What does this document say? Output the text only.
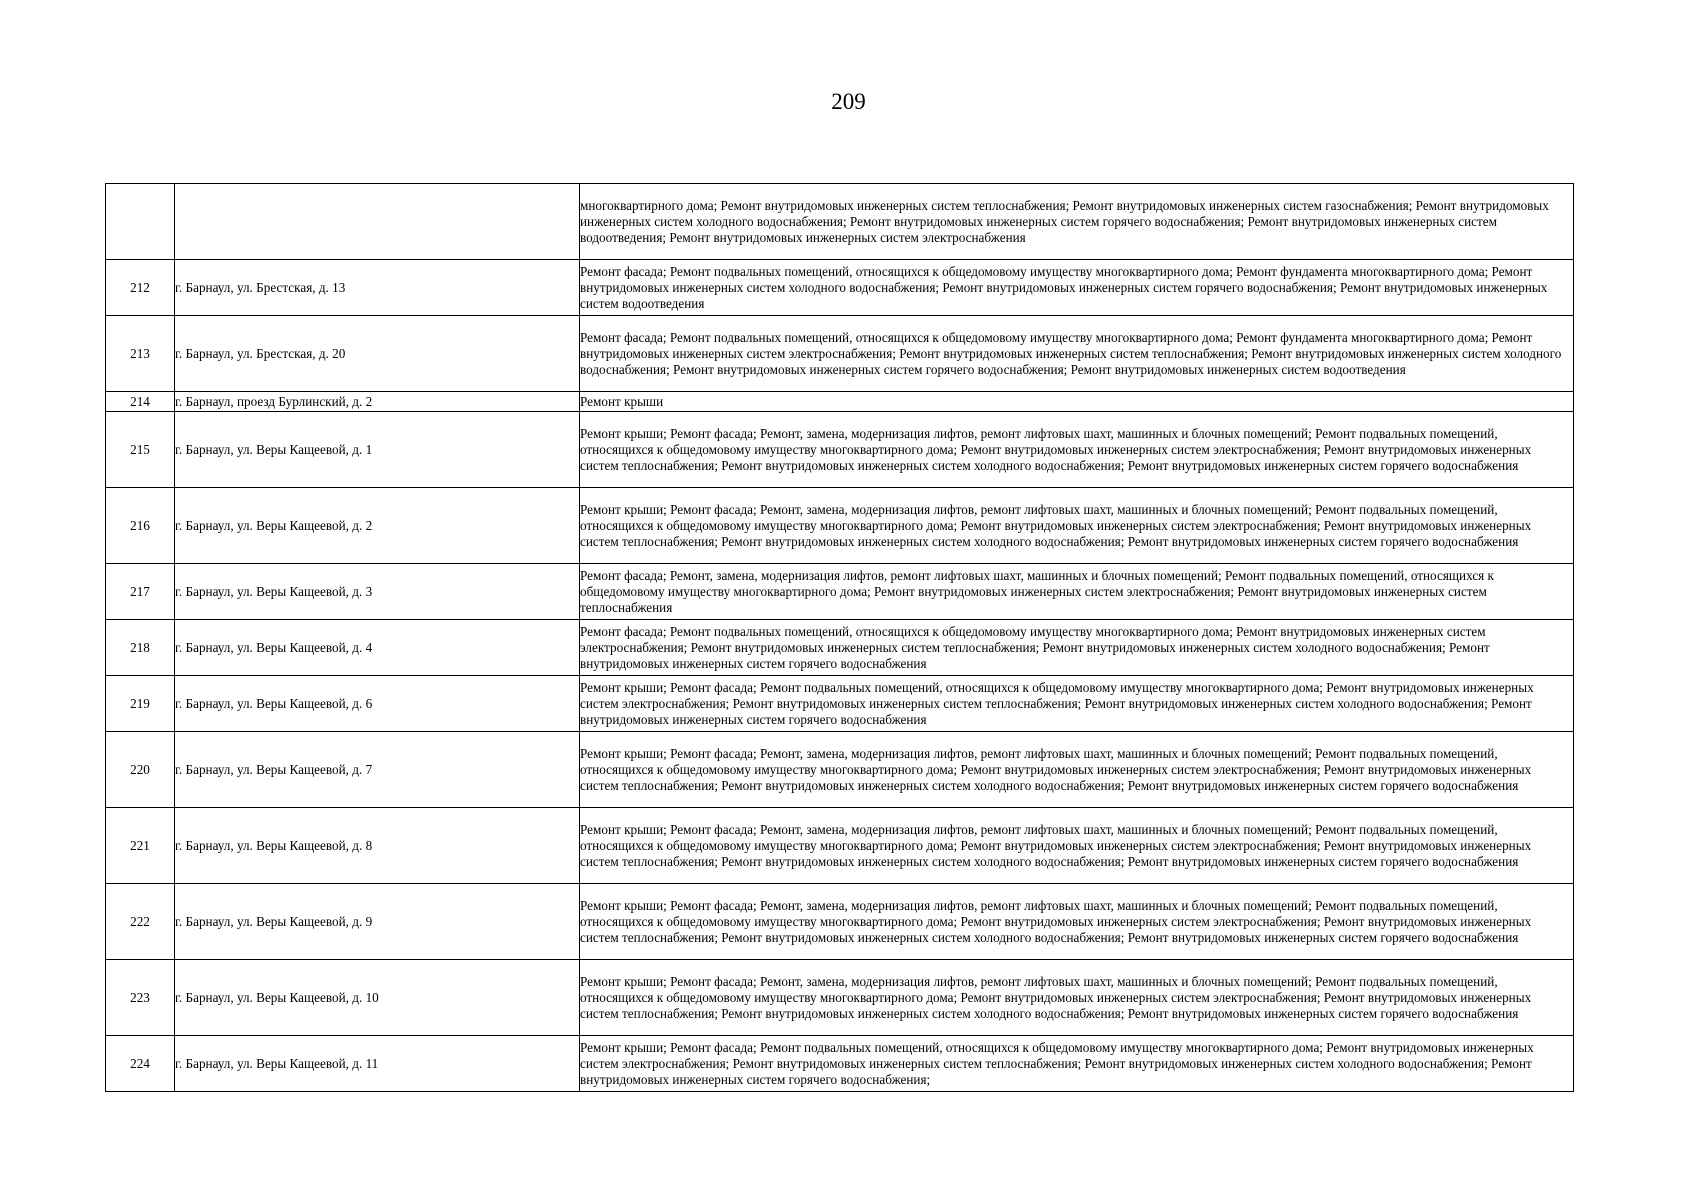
209
		многоквартирного дома; Ремонт внутридомовых инженерных систем теплоснабжения; Ремонт внутридомовых инженерных систем газоснабжения; Ремонт внутридомовых инженерных систем холодного водоснабжения; Ремонт внутридомовых инженерных систем горячего водоснабжения; Ремонт внутридомовых инженерных систем водоотведения; Ремонт внутридомовых инженерных систем электроснабжения
212	г. Барнаул, ул. Брестская, д. 13	Ремонт фасада; Ремонт подвальных помещений, относящихся к общедомовому имуществу многоквартирного дома; Ремонт фундамента многоквартирного дома; Ремонт внутридомовых инженерных систем холодного водоснабжения; Ремонт внутридомовых инженерных систем горячего водоснабжения; Ремонт внутридомовых инженерных систем водоотведения
213	г. Барнаул, ул. Брестская, д. 20	Ремонт фасада; Ремонт подвальных помещений, относящихся к общедомовому имуществу многоквартирного дома; Ремонт фундамента многоквартирного дома; Ремонт внутридомовых инженерных систем электроснабжения; Ремонт внутридомовых инженерных систем теплоснабжения; Ремонт внутридомовых инженерных систем холодного водоснабжения; Ремонт внутридомовых инженерных систем горячего водоснабжения; Ремонт внутридомовых инженерных систем водоотведения
214	г. Барнаул, проезд Бурлинский, д. 2	Ремонт крыши
215	г. Барнаул, ул. Веры Кащеевой, д. 1	Ремонт крыши; Ремонт фасада; Ремонт, замена, модернизация лифтов, ремонт лифтовых шахт, машинных и блочных помещений; Ремонт подвальных помещений, относящихся к общедомовому имуществу многоквартирного дома; Ремонт внутридомовых инженерных систем электроснабжения; Ремонт внутридомовых инженерных систем теплоснабжения; Ремонт внутридомовых инженерных систем холодного водоснабжения; Ремонт внутридомовых инженерных систем горячего водоснабжения
216	г. Барнаул, ул. Веры Кащеевой, д. 2	Ремонт крыши; Ремонт фасада; Ремонт, замена, модернизация лифтов, ремонт лифтовых шахт, машинных и блочных помещений; Ремонт подвальных помещений, относящихся к общедомовому имуществу многоквартирного дома; Ремонт внутридомовых инженерных систем электроснабжения; Ремонт внутридомовых инженерных систем теплоснабжения; Ремонт внутридомовых инженерных систем холодного водоснабжения; Ремонт внутридомовых инженерных систем горячего водоснабжения
217	г. Барнаул, ул. Веры Кащеевой, д. 3	Ремонт фасада; Ремонт, замена, модернизация лифтов, ремонт лифтовых шахт, машинных и блочных помещений; Ремонт подвальных помещений, относящихся к общедомовому имуществу многоквартирного дома; Ремонт внутридомовых инженерных систем электроснабжения; Ремонт внутридомовых инженерных систем теплоснабжения
218	г. Барнаул, ул. Веры Кащеевой, д. 4	Ремонт фасада; Ремонт подвальных помещений, относящихся к общедомовому имуществу многоквартирного дома; Ремонт внутридомовых инженерных систем электроснабжения; Ремонт внутридомовых инженерных систем теплоснабжения; Ремонт внутридомовых инженерных систем холодного водоснабжения; Ремонт внутридомовых инженерных систем горячего водоснабжения
219	г. Барнаул, ул. Веры Кащеевой, д. 6	Ремонт крыши; Ремонт фасада; Ремонт подвальных помещений, относящихся к общедомовому имуществу многоквартирного дома; Ремонт внутридомовых инженерных систем электроснабжения; Ремонт внутридомовых инженерных систем теплоснабжения; Ремонт внутридомовых инженерных систем холодного водоснабжения; Ремонт внутридомовых инженерных систем горячего водоснабжения
220	г. Барнаул, ул. Веры Кащеевой, д. 7	Ремонт крыши; Ремонт фасада; Ремонт, замена, модернизация лифтов, ремонт лифтовых шахт, машинных и блочных помещений; Ремонт подвальных помещений, относящихся к общедомовому имуществу многоквартирного дома; Ремонт внутридомовых инженерных систем электроснабжения; Ремонт внутридомовых инженерных систем теплоснабжения; Ремонт внутридомовых инженерных систем холодного водоснабжения; Ремонт внутридомовых инженерных систем горячего водоснабжения
221	г. Барнаул, ул. Веры Кащеевой, д. 8	Ремонт крыши; Ремонт фасада; Ремонт, замена, модернизация лифтов, ремонт лифтовых шахт, машинных и блочных помещений; Ремонт подвальных помещений, относящихся к общедомовому имуществу многоквартирного дома; Ремонт внутридомовых инженерных систем электроснабжения; Ремонт внутридомовых инженерных систем теплоснабжения; Ремонт внутридомовых инженерных систем холодного водоснабжения; Ремонт внутридомовых инженерных систем горячего водоснабжения
222	г. Барнаул, ул. Веры Кащеевой, д. 9	Ремонт крыши; Ремонт фасада; Ремонт, замена, модернизация лифтов, ремонт лифтовых шахт, машинных и блочных помещений; Ремонт подвальных помещений, относящихся к общедомовому имуществу многоквартирного дома; Ремонт внутридомовых инженерных систем электроснабжения; Ремонт внутридомовых инженерных систем теплоснабжения; Ремонт внутридомовых инженерных систем холодного водоснабжения; Ремонт внутридомовых инженерных систем горячего водоснабжения
223	г. Барнаул, ул. Веры Кащеевой, д. 10	Ремонт крыши; Ремонт фасада; Ремонт, замена, модернизация лифтов, ремонт лифтовых шахт, машинных и блочных помещений; Ремонт подвальных помещений, относящихся к общедомовому имуществу многоквартирного дома; Ремонт внутридомовых инженерных систем электроснабжения; Ремонт внутридомовых инженерных систем теплоснабжения; Ремонт внутридомовых инженерных систем холодного водоснабжения; Ремонт внутридомовых инженерных систем горячего водоснабжения
224	г. Барнаул, ул. Веры Кащеевой, д. 11	Ремонт крыши; Ремонт фасада; Ремонт подвальных помещений, относящихся к общедомовому имуществу многоквартирного дома; Ремонт внутридомовых инженерных систем электроснабжения; Ремонт внутридомовых инженерных систем теплоснабжения; Ремонт внутридомовых инженерных систем холодного водоснабжения; Ремонт внутридомовых инженерных систем горячего водоснабжения;
